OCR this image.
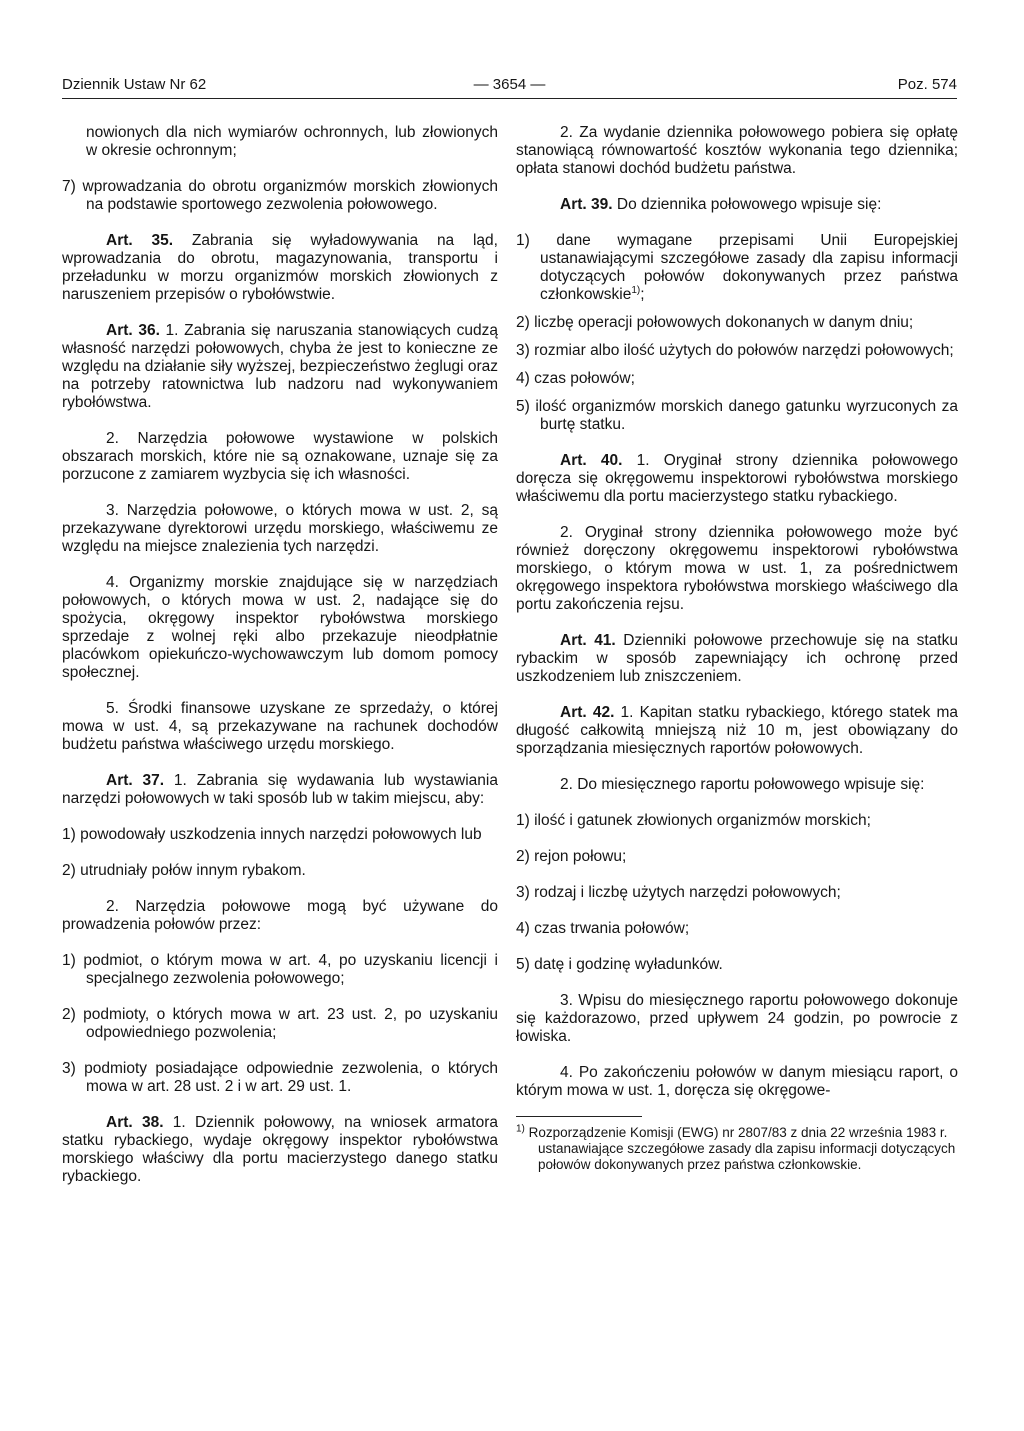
Dziennik Ustaw Nr 62	— 3654 —	Poz. 574

nowionych dla nich wymiarów ochronnych, lub złowionych w okresie ochronnym;

7) wprowadzania do obrotu organizmów morskich złowionych na podstawie sportowego zezwolenia połowowego.

Art. 35. Zabrania się wyładowywania na ląd, wprowadzania do obrotu, magazynowania, transportu i przeładunku w morzu organizmów morskich złowionych z naruszeniem przepisów o rybołówstwie.

Art. 36. 1. Zabrania się naruszania stanowiących cudzą własność narzędzi połowowych, chyba że jest to konieczne ze względu na działanie siły wyższej, bezpieczeństwo żeglugi oraz na potrzeby ratownictwa lub nadzoru nad wykonywaniem rybołówstwa.

2. Narzędzia połowowe wystawione w polskich obszarach morskich, które nie są oznakowane, uznaje się za porzucone z zamiarem wyzbycia się ich własności.

3. Narzędzia połowowe, o których mowa w ust. 2, są przekazywane dyrektorowi urzędu morskiego, właściwemu ze względu na miejsce znalezienia tych narzędzi.

4. Organizmy morskie znajdujące się w narzędziach połowowych, o których mowa w ust. 2, nadające się do spożycia, okręgowy inspektor rybołówstwa morskiego sprzedaje z wolnej ręki albo przekazuje nieodpłatnie placówkom opiekuńczo-wychowawczym lub domom pomocy społecznej.

5. Środki finansowe uzyskane ze sprzedaży, o której mowa w ust. 4, są przekazywane na rachunek dochodów budżetu państwa właściwego urzędu morskiego.

Art. 37. 1. Zabrania się wydawania lub wystawiania narzędzi połowowych w taki sposób lub w takim miejscu, aby:

1) powodowały uszkodzenia innych narzędzi połowowych lub

2) utrudniały połów innym rybakom.

2. Narzędzia połowowe mogą być używane do prowadzenia połowów przez:

1) podmiot, o którym mowa w art. 4, po uzyskaniu licencji i specjalnego zezwolenia połowowego;

2) podmioty, o których mowa w art. 23 ust. 2, po uzyskaniu odpowiedniego pozwolenia;

3) podmioty posiadające odpowiednie zezwolenia, o których mowa w art. 28 ust. 2 i w art. 29 ust. 1.

Art. 38. 1. Dziennik połowowy, na wniosek armatora statku rybackiego, wydaje okręgowy inspektor rybołówstwa morskiego właściwy dla portu macierzystego danego statku rybackiego.

2. Za wydanie dziennika połowowego pobiera się opłatę stanowiącą równowartość kosztów wykonania tego dziennika; opłata stanowi dochód budżetu państwa.

Art. 39. Do dziennika połowowego wpisuje się:

1) dane wymagane przepisami Unii Europejskiej ustanawiającymi szczegółowe zasady dla zapisu informacji dotyczących połowów dokonywanych przez państwa członkowskie$^{1)}$;

2) liczbę operacji połowowych dokonanych w danym dniu;

3) rozmiar albo ilość użytych do połowów narzędzi połowowych;

4) czas połowów;

5) ilość organizmów morskich danego gatunku wyrzuconych za burtę statku.

Art. 40. 1. Oryginał strony dziennika połowowego doręcza się okręgowemu inspektorowi rybołówstwa morskiego właściwemu dla portu macierzystego statku rybackiego.

2. Oryginał strony dziennika połowowego może być również doręczony okręgowemu inspektorowi rybołówstwa morskiego, o którym mowa w ust. 1, za pośrednictwem okręgowego inspektora rybołówstwa morskiego właściwego dla portu zakończenia rejsu.

Art. 41. Dzienniki połowowe przechowuje się na statku rybackim w sposób zapewniający ich ochronę przed uszkodzeniem lub zniszczeniem.

Art. 42. 1. Kapitan statku rybackiego, którego statek ma długość całkowitą mniejszą niż 10 m, jest obowiązany do sporządzania miesięcznych raportów połowowych.

2. Do miesięcznego raportu połowowego wpisuje się:

1) ilość i gatunek złowionych organizmów morskich;

2) rejon połowu;

3) rodzaj i liczbę użytych narzędzi połowowych;

4) czas trwania połowów;

5) datę i godzinę wyładunków.

3. Wpisu do miesięcznego raportu połowowego dokonuje się każdorazowo, przed upływem 24 godzin, po powrocie z łowiska.

4. Po zakończeniu połowów w danym miesiącu raport, o którym mowa w ust. 1, doręcza się okręgowe-

$^{1)}$ Rozporządzenie Komisji (EWG) nr 2807/83 z dnia 22 września 1983 r. ustanawiające szczegółowe zasady dla zapisu informacji dotyczących połowów dokonywanych przez państwa członkowskie.
